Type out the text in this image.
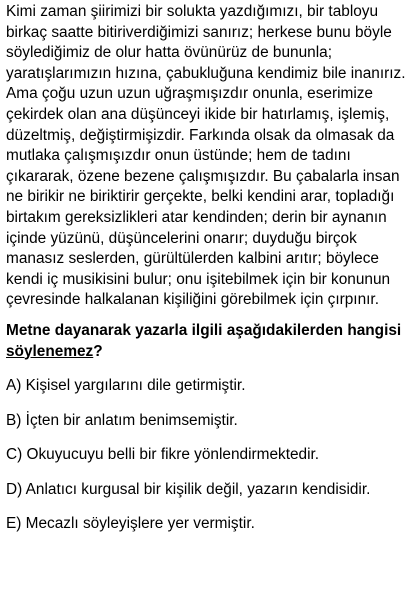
Kimi zaman şiirimizi bir solukta yazdığımızı, bir tabloyu birkaç saatte bitiriverdiğimizi sanırız; herkese bunu böyle söylediğimiz de olur hatta övünürüz de bununla; yaratışlarımızın hızına, çabukluğuna kendimiz bile inanırız. Ama çoğu uzun uzun uğraşmışızdır onunla, eserimize çekirdek olan ana düşünceyi ikide bir hatırlamış, işlemiş, düzeltmiş, değiştirmişizdir. Farkında olsak da olmasak da mutlaka çalışmışızdır onun üstünde; hem de tadını çıkararak, özene bezene çalışmışızdır. Bu çabalarla insan ne birikir ne biriktirir gerçekte, belki kendini arar, topladığı birtakım gereksizlikleri atar kendinden; derin bir aynanın içinde yüzünü, düşüncelerini onarır; duyduğu birçok manasız seslerden, gürültülerden kalbini arıtır; böylece kendi iç musikisini bulur; onu işitebilmek için bir konunun çevresinde halkalanan kişiliğini görebilmek için çırpınır.

Metne dayanarak yazarla ilgili aşağıdakilerden hangisi söylenemez?

A) Kişisel yargılarını dile getirmiştir.
B) İçten bir anlatım benimsemiştir.
C) Okuyucuyu belli bir fikre yönlendirmektedir.
D) Anlatıcı kurgusal bir kişilik değil, yazarın kendisidir.
E) Mecazlı söyleyişlere yer vermiştir.
